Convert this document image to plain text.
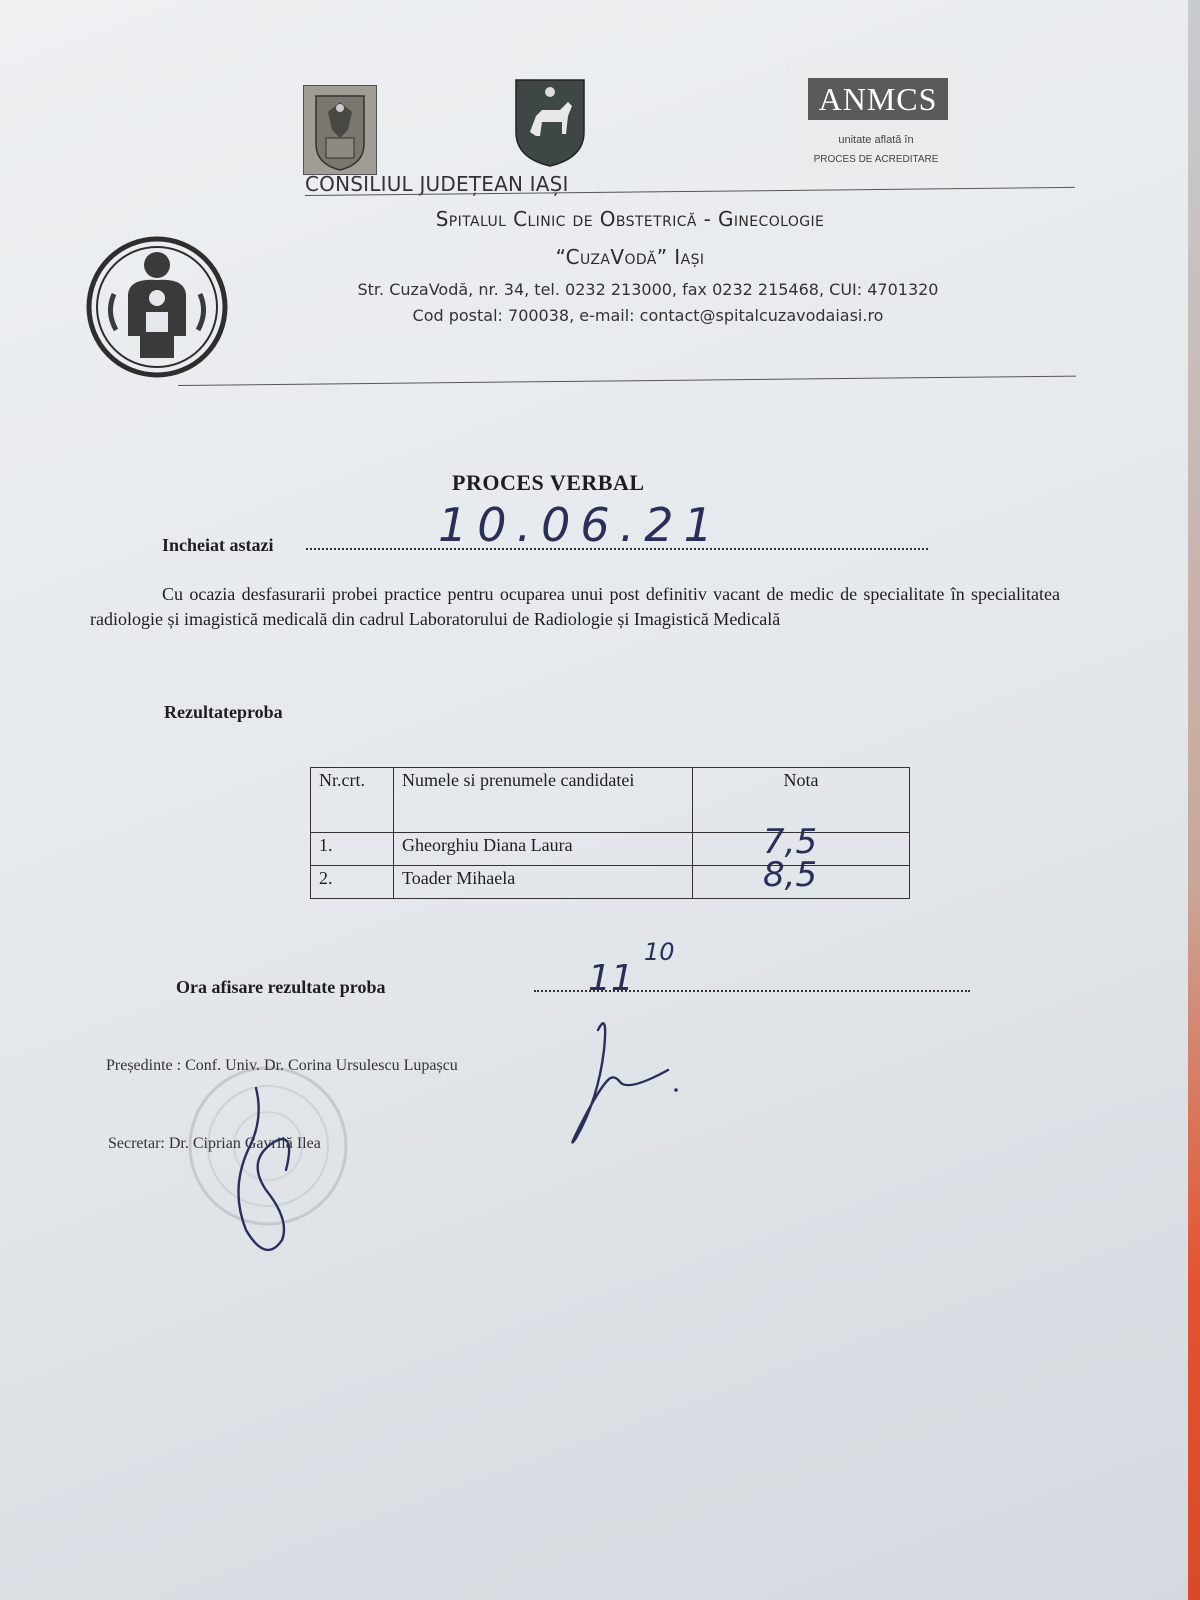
ANMCS
unitate aflată în
PROCES DE ACREDITARE
CONSILIUL JUDEȚEAN IAȘI
Spitalul Clinic de Obstetrică - Ginecologie
“CuzaVodă” Iași
Str. CuzaVodă, nr. 34, tel. 0232 213000, fax 0232 215468, CUI: 4701320
Cod postal: 700038, e-mail: contact@spitalcuzavodaiasi.ro
PROCES VERBAL
Incheiat astazi	10.06.21
Cu ocazia desfasurarii probei practice pentru ocuparea unui post definitiv vacant de medic de specialitate în specialitatea radiologie și imagistică medicală din cadrul Laboratorului de Radiologie și Imagistică Medicală
Rezultateproba
Nr.crt.	Numele si prenumele candidatei	Nota
1.	Gheorghiu Diana Laura	7,5

2.	Toader Mihaela	8,5
Ora afisare rezultate proba	11
10
Președinte : Conf. Univ. Dr. Corina Ursulescu Lupașcu
Secretar: Dr. Ciprian Gavrilă Ilea
